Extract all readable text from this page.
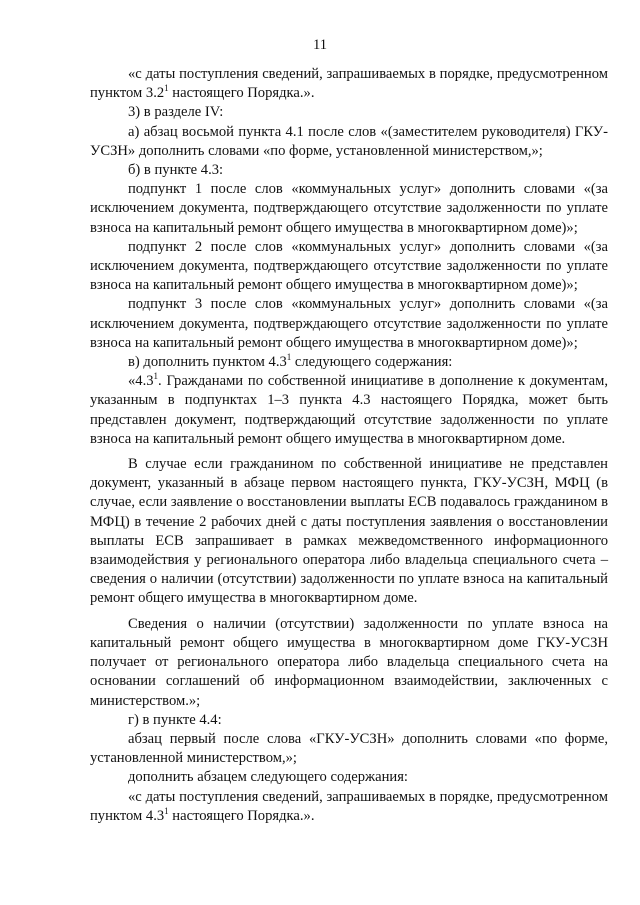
11

«с даты поступления сведений, запрашиваемых в порядке, предусмотренном пунктом $3.2^1$ настоящего Порядка.».

3) в разделе IV:

а) абзац восьмой пункта 4.1 после слов «(заместителем руководителя) ГКУ-УСЗН» дополнить словами «по форме, установленной министерством,»;

б) в пункте 4.3:

подпункт 1 после слов «коммунальных услуг» дополнить словами «(за исключением документа, подтверждающего отсутствие задолженности по уплате взноса на капитальный ремонт общего имущества в многоквартирном доме)»;

подпункт 2 после слов «коммунальных услуг» дополнить словами «(за исключением документа, подтверждающего отсутствие задолженности по уплате взноса на капитальный ремонт общего имущества в многоквартирном доме)»;

подпункт 3 после слов «коммунальных услуг» дополнить словами «(за исключением документа, подтверждающего отсутствие задолженности по уплате взноса на капитальный ремонт общего имущества в многоквартирном доме)»;

в) дополнить пунктом $4.3^1$ следующего содержания:

«$4.3^1$. Гражданами по собственной инициативе в дополнение к документам, указанным в подпунктах 1–3 пункта 4.3 настоящего Порядка, может быть представлен документ, подтверждающий отсутствие задолженности по уплате взноса на капитальный ремонт общего имущества в многоквартирном доме.

В случае если гражданином по собственной инициативе не представлен документ, указанный в абзаце первом настоящего пункта, ГКУ-УСЗН, МФЦ (в случае, если заявление о восстановлении выплаты ЕСВ подавалось гражданином в МФЦ) в течение 2 рабочих дней с даты поступления заявления о восстановлении выплаты ЕСВ запрашивает в рамках межведомственного информационного взаимодействия у регионального оператора либо владельца специального счета – сведения о наличии (отсутствии) задолженности по уплате взноса на капитальный ремонт общего имущества в многоквартирном доме.

Сведения о наличии (отсутствии) задолженности по уплате взноса на капитальный ремонт общего имущества в многоквартирном доме ГКУ-УСЗН получает от регионального оператора либо владельца специального счета на основании соглашений об информационном взаимодействии, заключенных с министерством.»;

г) в пункте 4.4:

абзац первый после слова «ГКУ-УСЗН» дополнить словами «по форме, установленной министерством,»;

дополнить абзацем следующего содержания:

«с даты поступления сведений, запрашиваемых в порядке, предусмотренном пунктом $4.3^1$ настоящего Порядка.».
